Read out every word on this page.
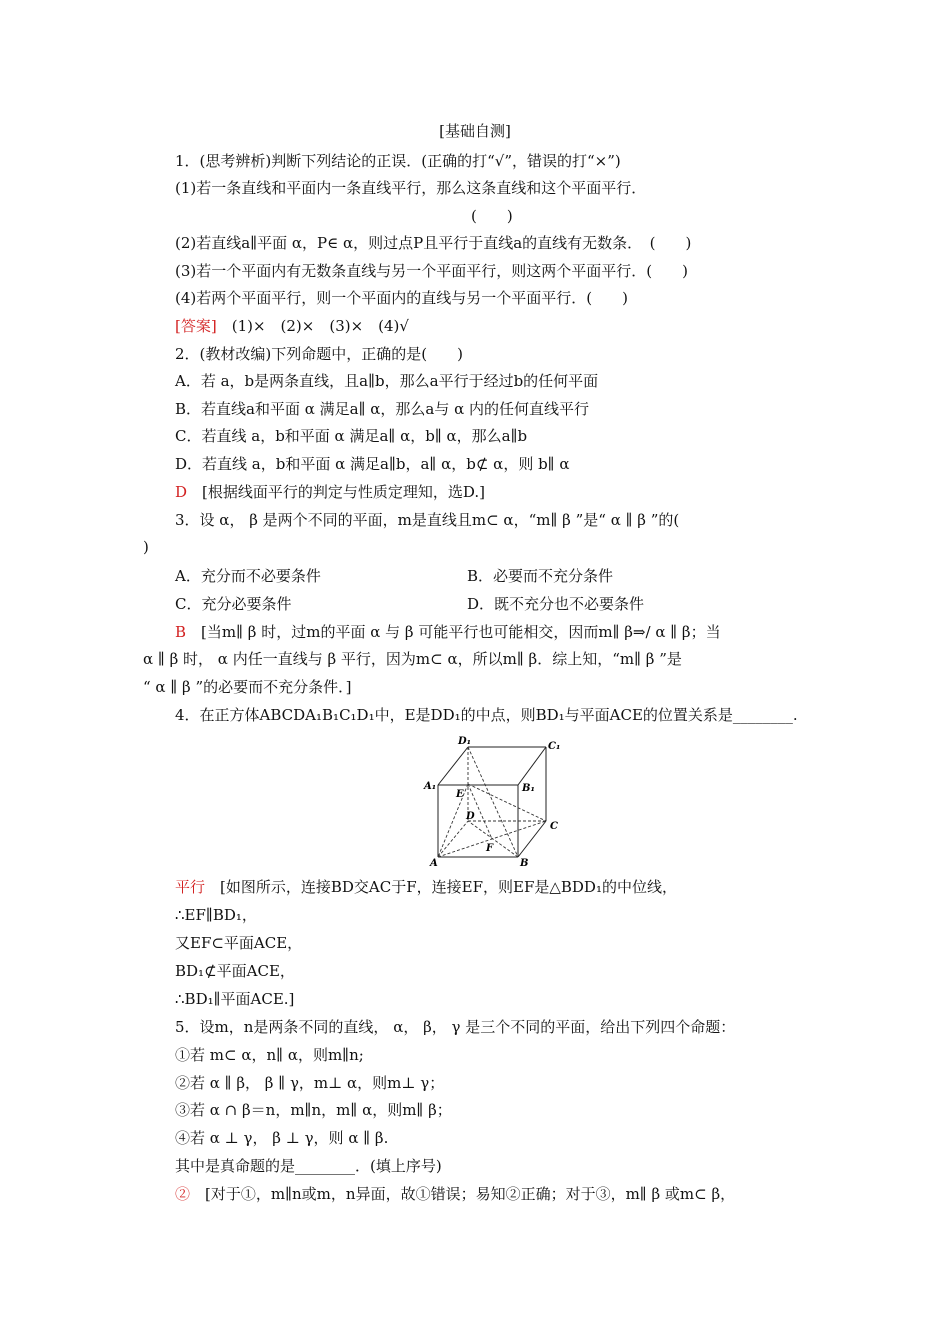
[基础自测]
1．(思考辨析)判断下列结论的正误．(正确的打“√”，错误的打“×”)
(1)若一条直线和平面内一条直线平行，那么这条直线和这个平面平行．
(　　)
(2)若直线a∥平面 α，P∈ α，则过点P且平行于直线a的直线有无数条．　(　　)
(3)若一个平面内有无数条直线与另一个平面平行，则这两个平面平行．(　　)
(4)若两个平面平行，则一个平面内的直线与另一个平面平行．(　　)
[答案]　(1)×　(2)×　(3)×　(4)√
2．(教材改编)下列命题中，正确的是(　　)
A．若 a，b是两条直线，且a∥b，那么a平行于经过b的任何平面
B．若直线a和平面 α 满足a∥ α，那么a与 α 内的任何直线平行
C．若直线 a，b和平面 α 满足a∥ α，b∥ α，那么a∥b
D．若直线 a，b和平面 α 满足a∥b，a∥ α，b⊄ α，则 b∥ α
D　[根据线面平行的判定与性质定理知，选D.]
3．设 α， β 是两个不同的平面，m是直线且m⊂ α，“m∥ β ”是“ α ∥ β ”的(
)
A．充分而不必要条件	B．必要而不充分条件
C．充分必要条件	D．既不充分也不必要条件
B　[当m∥ β 时，过m的平面 α 与 β 可能平行也可能相交，因而m∥ β⇒/ α ∥ β；当
α ∥ β 时， α 内任一直线与 β 平行，因为m⊂ α，所以m∥ β．综上知，“m∥ β ”是
“ α ∥ β ”的必要而不充分条件．]
4．在正方体ABCDA₁B₁C₁D₁中，E是DD₁的中点，则BD₁与平面ACE的位置关系是________.
D₁	C₁
A₁	B₁
E
D
C
F
A	B
平行　[如图所示，连接BD交AC于F，连接EF，则EF是△BDD₁的中位线，
∴EF∥BD₁，
又EF⊂平面ACE，
BD₁⊄平面ACE，
∴BD₁∥平面ACE.]
5．设m，n是两条不同的直线， α， β， γ 是三个不同的平面，给出下列四个命题：
①若 m⊂ α，n∥ α，则m∥n;
②若 α ∥ β， β ∥ γ，m⊥ α，则m⊥ γ；
③若 α ∩ β＝n，m∥n，m∥ α，则m∥ β；
④若 α ⊥ γ， β ⊥ γ，则 α ∥ β.
其中是真命题的是________．(填上序号)
②　[对于①，m∥n或m，n异面，故①错误；易知②正确；对于③，m∥ β 或m⊂ β，
